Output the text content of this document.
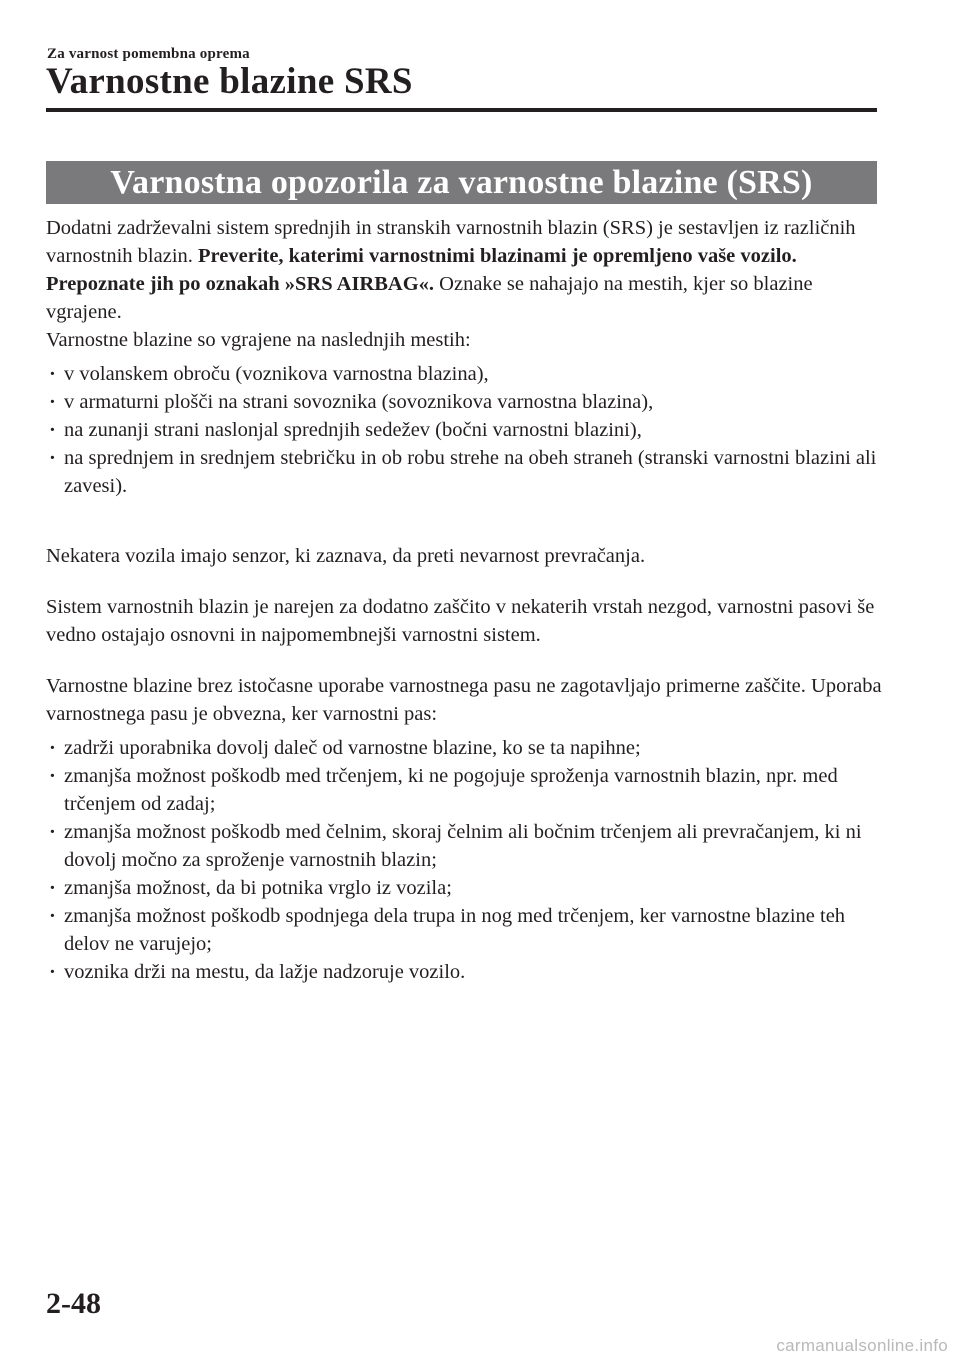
Za varnost pomembna oprema
Varnostne blazine SRS
Varnostna opozorila za varnostne blazine (SRS)

Dodatni zadrževalni sistem sprednjih in stranskih varnostnih blazin (SRS) je sestavljen iz različnih varnostnih blazin. Preverite, katerimi varnostnimi blazinami je opremljeno vaše vozilo. Prepoznate jih po oznakah »SRS AIRBAG«. Oznake se nahajajo na mestih, kjer so blazine vgrajene.

Varnostne blazine so vgrajene na naslednjih mestih:

· v volanskem obroču (voznikova varnostna blazina),
· v armaturni plošči na strani sovoznika (sovoznikova varnostna blazina),
· na zunanji strani naslonjal sprednjih sedežev (bočni varnostni blazini),
· na sprednjem in srednjem stebričku in ob robu strehe na obeh straneh (stranski varnostni blazini ali zavesi).

Nekatera vozila imajo senzor, ki zaznava, da preti nevarnost prevračanja.

Sistem varnostnih blazin je narejen za dodatno zaščito v nekaterih vrstah nezgod, varnostni pasovi še vedno ostajajo osnovni in najpomembnejši varnostni sistem.

Varnostne blazine brez istočasne uporabe varnostnega pasu ne zagotavljajo primerne zaščite. Uporaba varnostnega pasu je obvezna, ker varnostni pas:

· zadrži uporabnika dovolj daleč od varnostne blazine, ko se ta napihne;
· zmanjša možnost poškodb med trčenjem, ki ne pogojuje sproženja varnostnih blazin, npr. med trčenjem od zadaj;
· zmanjša možnost poškodb med čelnim, skoraj čelnim ali bočnim trčenjem ali prevračanjem, ki ni dovolj močno za sproženje varnostnih blazin;
· zmanjša možnost, da bi potnika vrglo iz vozila;
· zmanjša možnost poškodb spodnjega dela trupa in nog med trčenjem, ker varnostne blazine teh delov ne varujejo;
· voznika drži na mestu, da lažje nadzoruje vozilo.
2-48
carmanualsonline.info
